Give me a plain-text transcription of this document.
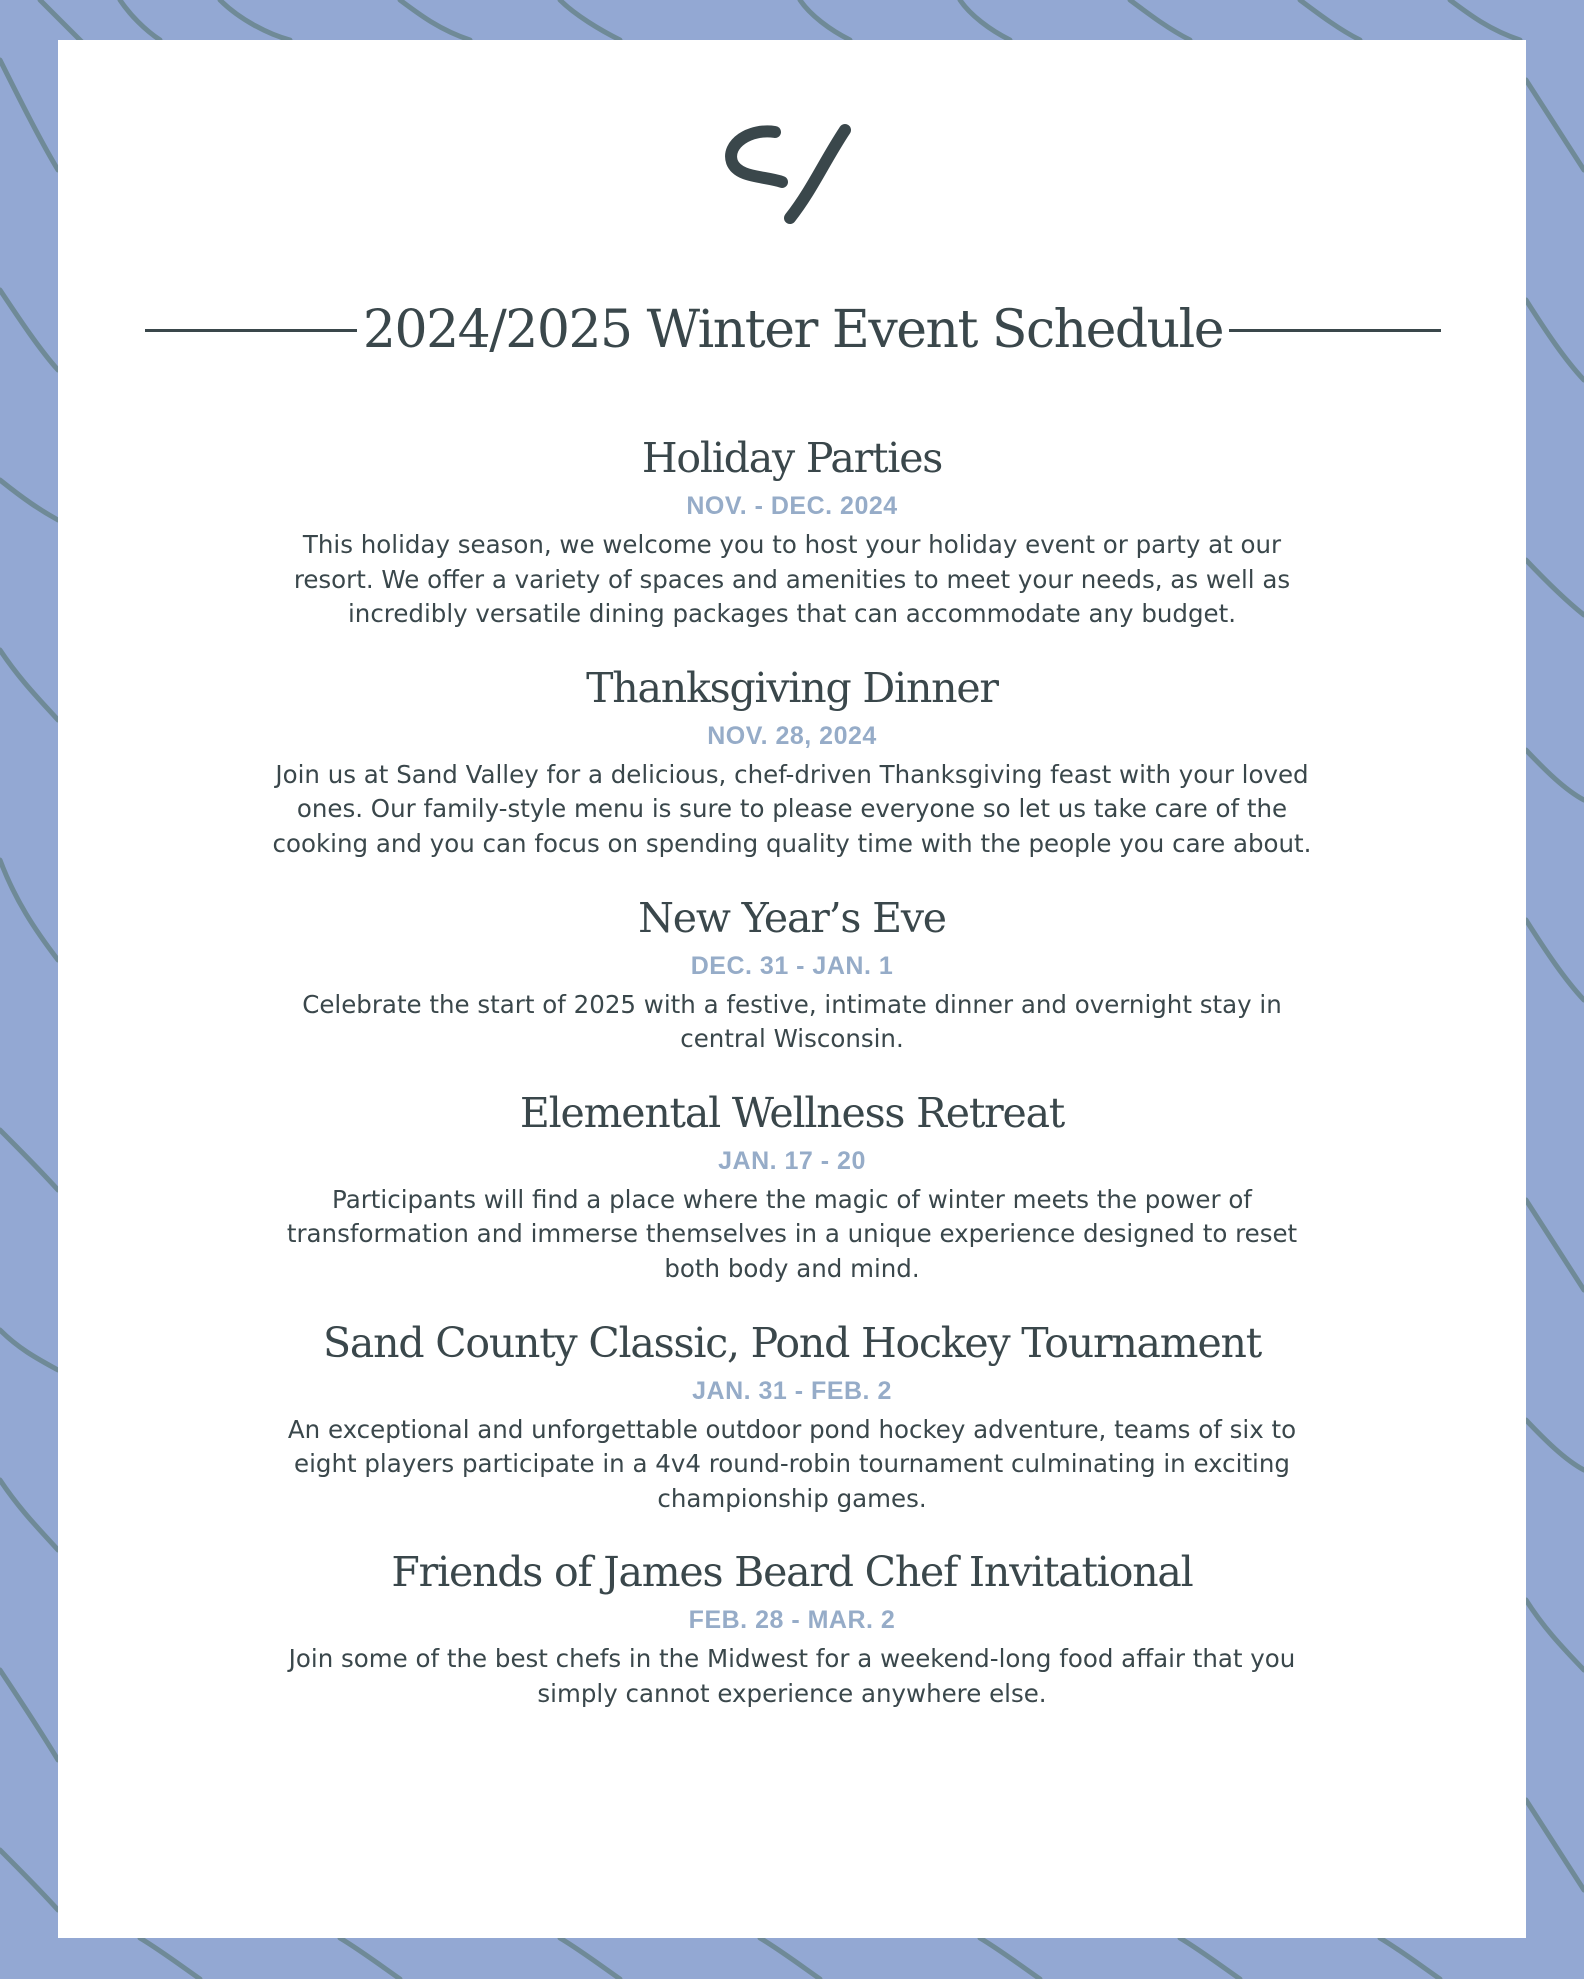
2024/2025 Winter Event Schedule
Holiday Parties
NOV. - DEC. 2024

This holiday season, we welcome you to host your holiday event or party at our resort. We offer a variety of spaces and amenities to meet your needs, as well as incredibly versatile dining packages that can accommodate any budget.

Thanksgiving Dinner
NOV. 28, 2024

Join us at Sand Valley for a delicious, chef-driven Thanksgiving feast with your loved ones. Our family-style menu is sure to please everyone so let us take care of the cooking and you can focus on spending quality time with the people you care about.

New Year’s Eve
DEC. 31 - JAN. 1

Celebrate the start of 2025 with a festive, intimate dinner and overnight stay in central Wisconsin.

Elemental Wellness Retreat
JAN. 17 - 20

Participants will find a place where the magic of winter meets the power of transformation and immerse themselves in a unique experience designed to reset both body and mind.

Sand County Classic, Pond Hockey Tournament
JAN. 31 - FEB. 2

An exceptional and unforgettable outdoor pond hockey adventure, teams of six to eight players participate in a 4v4 round-robin tournament culminating in exciting championship games.

Friends of James Beard Chef Invitational
FEB. 28 - MAR. 2

Join some of the best chefs in the Midwest for a weekend-long food affair that you simply cannot experience anywhere else.
